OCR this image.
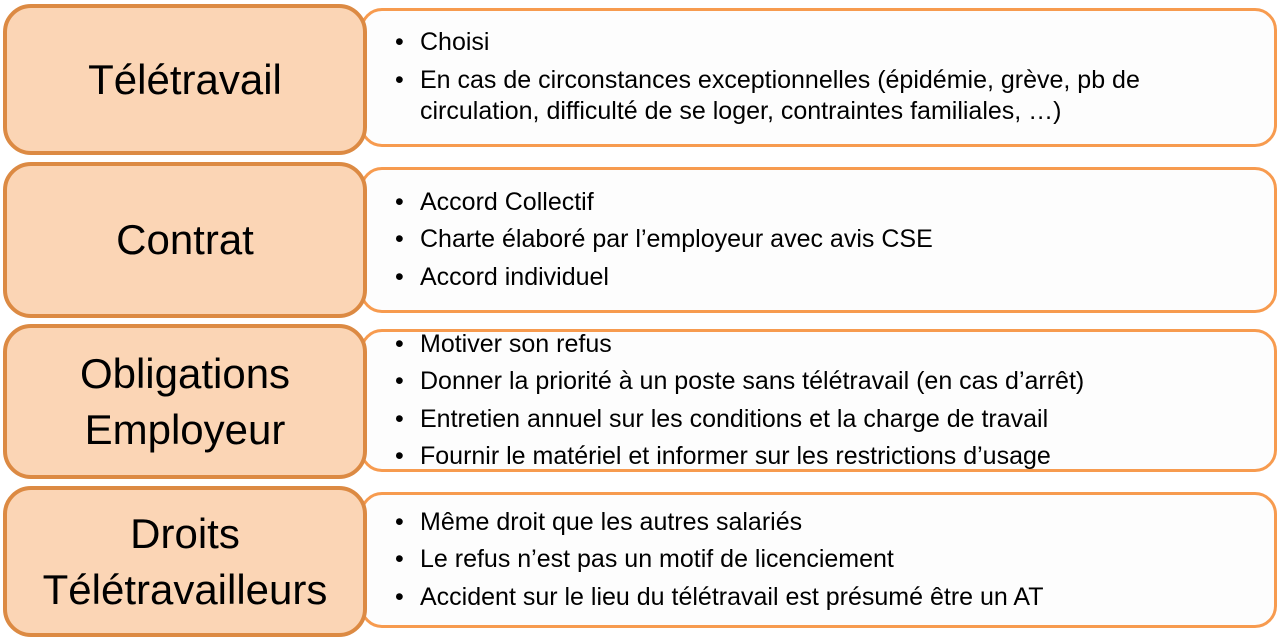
• Choisi
• En cas de circonstances exceptionnelles (épidémie, grève, pb de circulation, difficulté de se loger, contraintes familiales, …)
Télétravail
• Accord Collectif
• Charte élaboré par l’employeur avec avis CSE
• Accord individuel
Contrat
• Motiver son refus
• Donner la priorité à un poste sans télétravail (en cas d’arrêt)
• Entretien annuel sur les conditions et la charge de travail
• Fournir le matériel et informer sur les restrictions d’usage
Obligations Employeur
• Même droit que les autres salariés
• Le refus n’est pas un motif de licenciement
• Accident sur le lieu du télétravail est présumé être un AT
Droits Télétravailleurs
